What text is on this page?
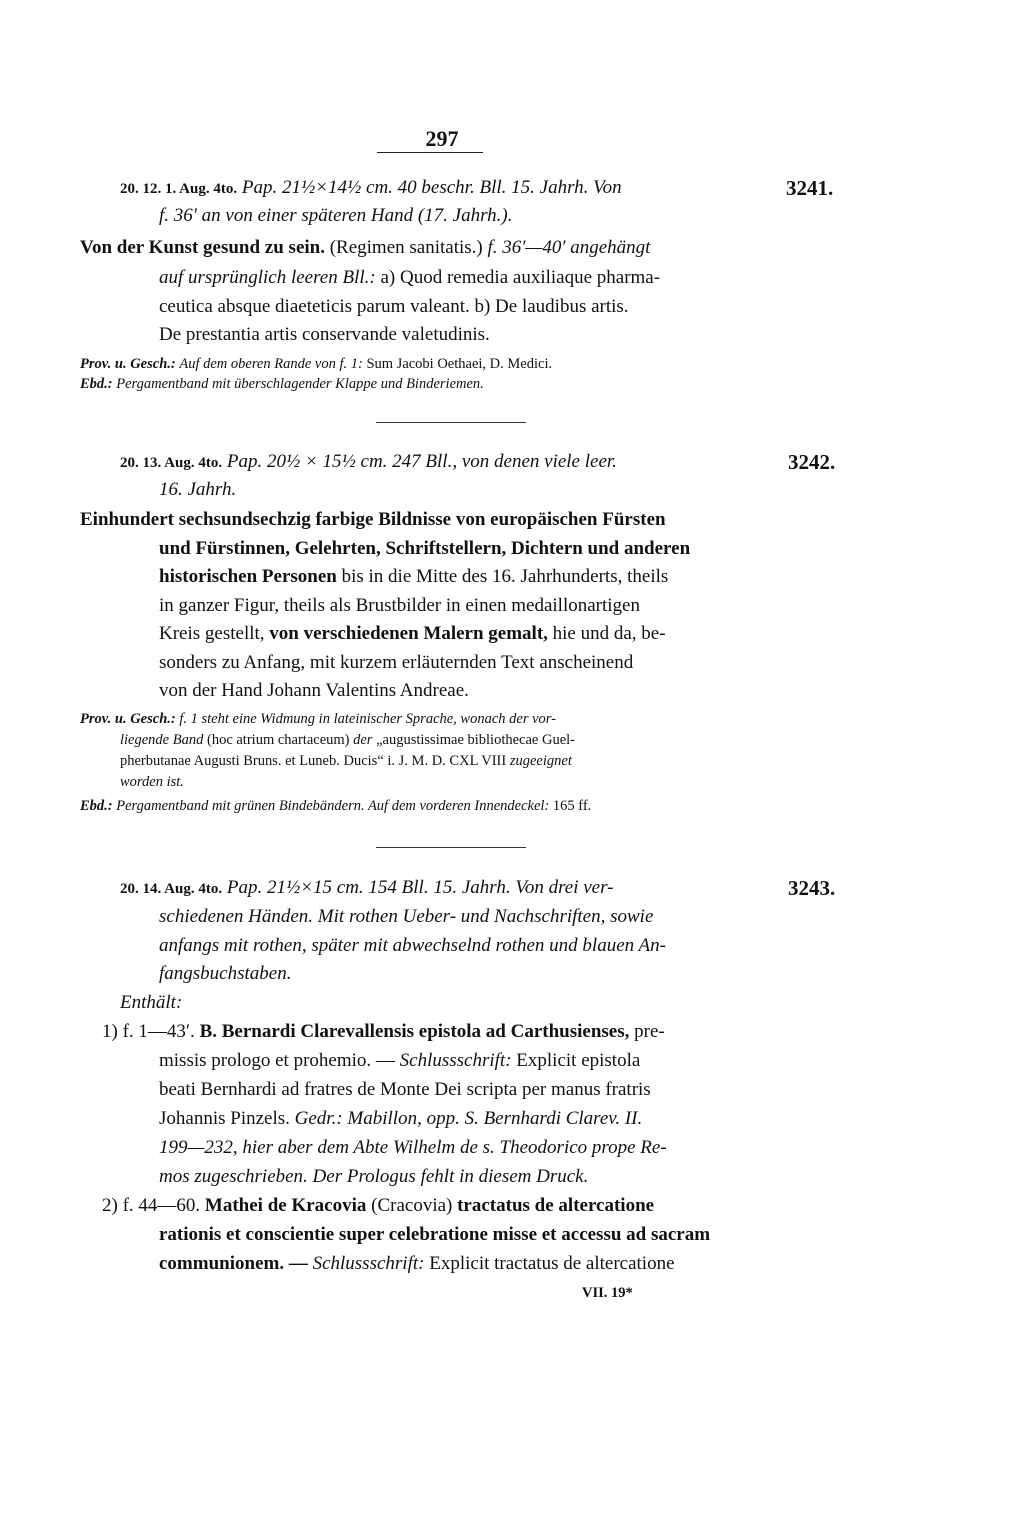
297
20. 12. 1. Aug. 4to. Pap. 21½×14½ cm. 40 beschr. Bll. 15. Jahrh. Von	3241.
f. 36′ an von einer späteren Hand (17. Jahrh.).
Von der Kunst gesund zu sein. (Regimen sanitatis.) f. 36′—40′ angehängt
auf ursprünglich leeren Bll.: a) Quod remedia auxiliaque pharma-
ceutica absque diaeteticis parum valeant. b) De laudibus artis.
De prestantia artis conservande valetudinis.
Prov. u. Gesch.: Auf dem oberen Rande von f. 1: Sum Jacobi Oethaei, D. Medici.
Ebd.: Pergamentband mit überschlagender Klappe und Binderiemen.
20. 13. Aug. 4to. Pap. 20½ × 15½ cm. 247 Bll., von denen viele leer.	3242.
16. Jahrh.
Einhundert sechsundsechzig farbige Bildnisse von europäischen Fürsten
und Fürstinnen, Gelehrten, Schriftstellern, Dichtern und anderen
historischen Personen bis in die Mitte des 16. Jahrhunderts, theils
in ganzer Figur, theils als Brustbilder in einen medaillonartigen
Kreis gestellt, von verschiedenen Malern gemalt, hie und da, be-
sonders zu Anfang, mit kurzem erläuternden Text anscheinend
von der Hand Johann Valentins Andreae.
Prov. u. Gesch.: f. 1 steht eine Widmung in lateinischer Sprache, wonach der vor-
liegende Band (hoc atrium chartaceum) der „augustissimae bibliothecae Guel-
pherbutanae Augusti Bruns. et Luneb. Ducis“ i. J. M. D. CXL VIII zugeeignet
worden ist.
Ebd.: Pergamentband mit grünen Bindebändern. Auf dem vorderen Innendeckel: 165 ff.
20. 14. Aug. 4to. Pap. 21½×15 cm. 154 Bll. 15. Jahrh. Von drei ver-	3243.
schiedenen Händen. Mit rothen Ueber- und Nachschriften, sowie
anfangs mit rothen, später mit abwechselnd rothen und blauen An-
fangsbuchstaben.
Enthält:
1) f. 1—43′. B. Bernardi Clarevallensis epistola ad Carthusienses, pre-
missis prologo et prohemio. — Schlussschrift: Explicit epistola
beati Bernhardi ad fratres de Monte Dei scripta per manus fratris
Johannis Pinzels. Gedr.: Mabillon, opp. S. Bernhardi Clarev. II.
199—232, hier aber dem Abte Wilhelm de s. Theodorico prope Re-
mos zugeschrieben. Der Prologus fehlt in diesem Druck.
2) f. 44—60. Mathei de Kracovia (Cracovia) tractatus de altercatione
rationis et conscientie super celebratione misse et accessu ad sacram
communionem. — Schlussschrift: Explicit tractatus de altercatione
VII. 19*
